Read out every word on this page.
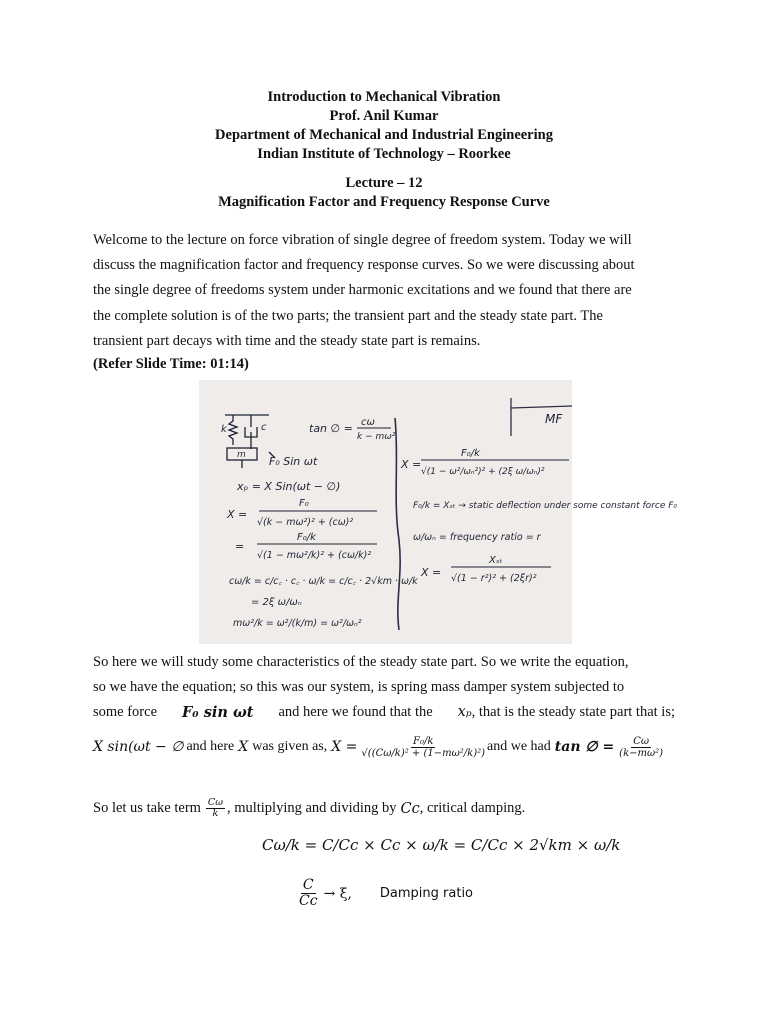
Introduction to Mechanical Vibration
Prof. Anil Kumar
Department of Mechanical and Industrial Engineering
Indian Institute of Technology – Roorkee
Lecture – 12
Magnification Factor and Frequency Response Curve
Welcome to the lecture on force vibration of single degree of freedom system. Today we will
discuss the magnification factor and frequency response curves. So we were discussing about
the single degree of freedoms system under harmonic excitations and we found that there are
the complete solution is of the two parts; the transient part and the steady state part. The
transient part decays with time and the steady state part is remains.
(Refer Slide Time: 01:14)
MF
k	c
m F₀ Sin ωt
tan ∅ = cω
k − mω²
xₚ = X Sin(ωt − ∅)
X =
F₀
√(k − mω²)² + (cω)²
=
F₀/k
√(1 − mω²/k)² + (cω/k)²
cω/k = c/c꜀ · c꜀ · ω/k = c/c꜀ · 2√km · ω/k
= 2ξ ω/ωₙ
mω²/k = ω²/(k/m) = ω²/ωₙ²
X =
F₀/k
√(1 − ω²/ωₙ²)² + (2ξ ω/ωₙ)²
F₀/k = Xₛₜ → static deflection under some constant force F₀
ω/ωₙ = frequency ratio = r
X =
Xₛₜ
√(1 − r²)² + (2ξr)²
So here we will study some characteristics of the steady state part. So we write the equation,
so we have the equation; so this was our system, is spring mass damper system subjected to
some force F₀ sin ωt and here we found that the xₚ, that is the steady state part that is;
X sin(ωt − ∅ and here X was given as, $X = \frac{\text{F₀/k}}{\text{√((Cω/k)² + (1−mω²/k)²)}}$ and we had tan ∅ = $\frac{C\omega}{\text{(k−mω²)}}$
So let us take term $\frac{C\omega}{k}$ , multiplying and dividing by Cc , critical damping.
Cω/k = C/Cc × Cc × ω/k = C/Cc × 2√km × ω/k
$\frac{C}{Cc} \to \xi$, Damping ratio
